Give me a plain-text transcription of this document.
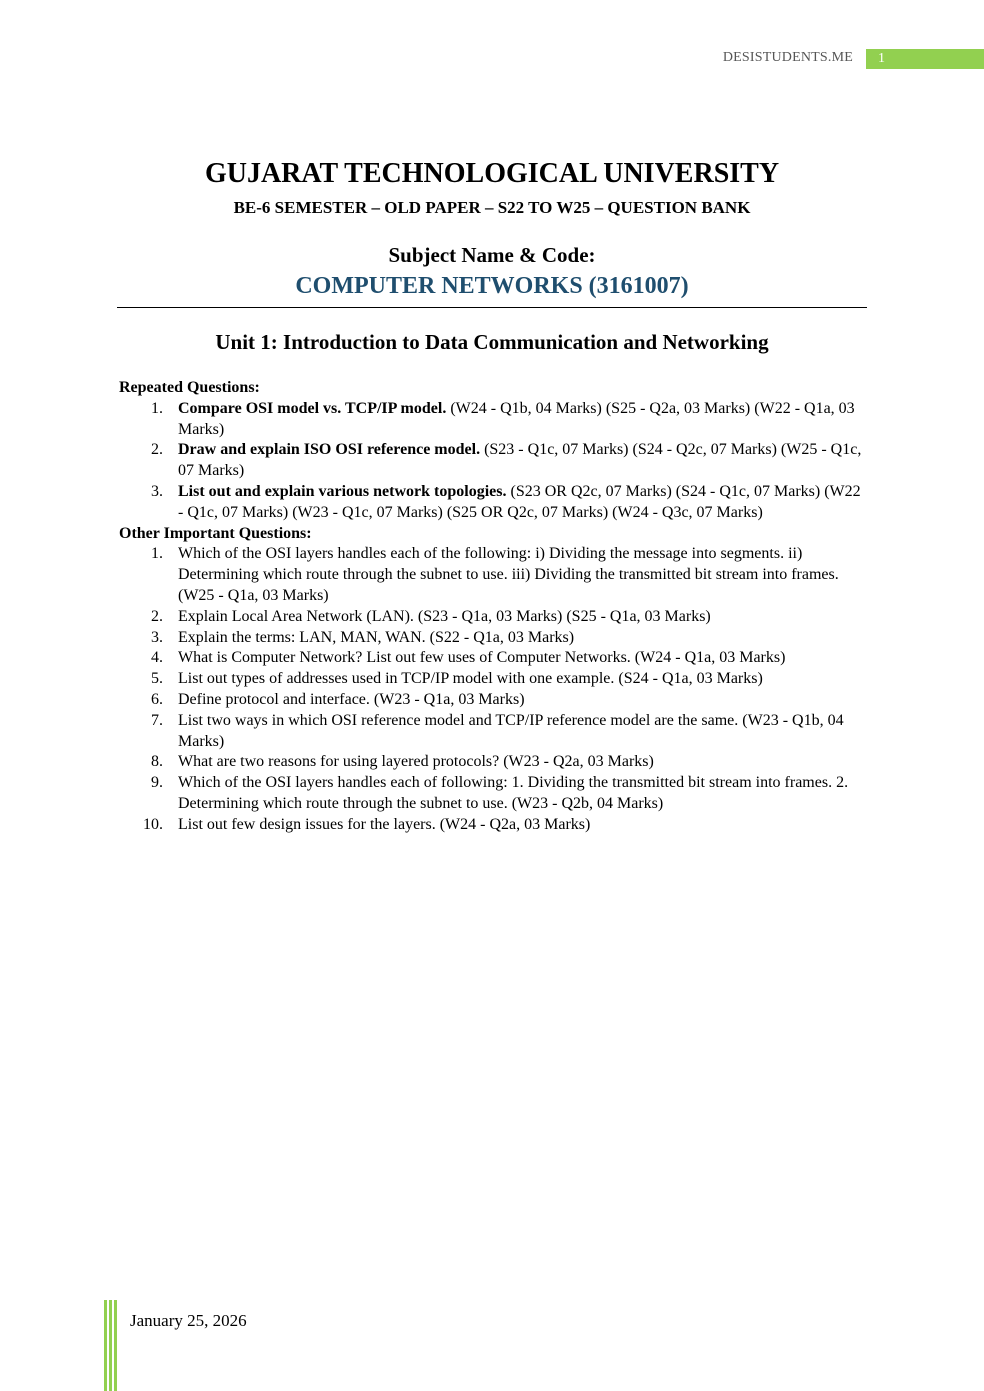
DESISTUDENTS.ME	1
GUJARAT TECHNOLOGICAL UNIVERSITY
BE-6 SEMESTER – OLD PAPER – S22 TO W25 – QUESTION BANK
Subject Name & Code:
COMPUTER NETWORKS (3161007)
Unit 1: Introduction to Data Communication and Networking
Repeated Questions:
1. Compare OSI model vs. TCP/IP model. (W24 - Q1b, 04 Marks) (S25 - Q2a, 03 Marks) (W22 - Q1a, 03 Marks)
2. Draw and explain ISO OSI reference model. (S23 - Q1c, 07 Marks) (S24 - Q2c, 07 Marks) (W25 - Q1c, 07 Marks)
3. List out and explain various network topologies. (S23 OR Q2c, 07 Marks) (S24 - Q1c, 07 Marks) (W22 - Q1c, 07 Marks) (W23 - Q1c, 07 Marks) (S25 OR Q2c, 07 Marks) (W24 - Q3c, 07 Marks)
Other Important Questions:
1. Which of the OSI layers handles each of the following: i) Dividing the message into segments. ii) Determining which route through the subnet to use. iii) Dividing the transmitted bit stream into frames. (W25 - Q1a, 03 Marks)
2. Explain Local Area Network (LAN). (S23 - Q1a, 03 Marks) (S25 - Q1a, 03 Marks)
3. Explain the terms: LAN, MAN, WAN. (S22 - Q1a, 03 Marks)
4. What is Computer Network? List out few uses of Computer Networks. (W24 - Q1a, 03 Marks)
5. List out types of addresses used in TCP/IP model with one example. (S24 - Q1a, 03 Marks)
6. Define protocol and interface. (W23 - Q1a, 03 Marks)
7. List two ways in which OSI reference model and TCP/IP reference model are the same. (W23 - Q1b, 04 Marks)
8. What are two reasons for using layered protocols? (W23 - Q2a, 03 Marks)
9. Which of the OSI layers handles each of following: 1. Dividing the transmitted bit stream into frames. 2. Determining which route through the subnet to use. (W23 - Q2b, 04 Marks)
10. List out few design issues for the layers. (W24 - Q2a, 03 Marks)
January 25, 2026
